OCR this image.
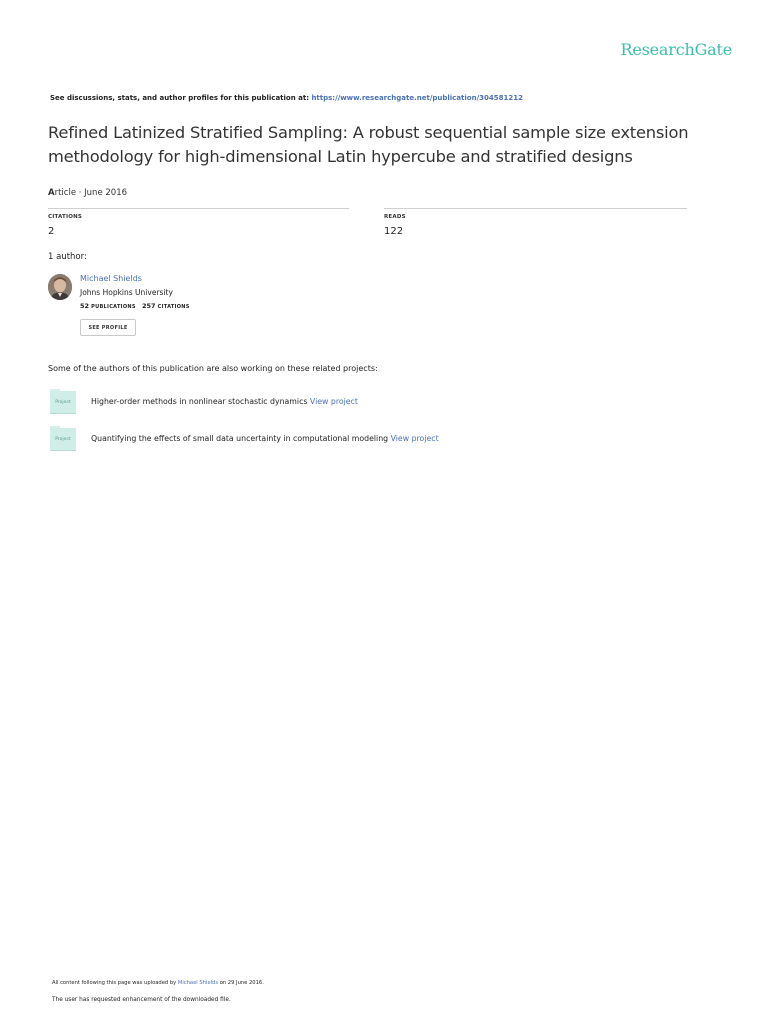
ResearchGate
See discussions, stats, and author profiles for this publication at: https://www.researchgate.net/publication/304581212
Refined Latinized Stratified Sampling: A robust sequential sample size extension methodology for high-dimensional Latin hypercube and stratified designs
Article · June 2016
CITATIONS
2
READS
122
1 author:
Michael Shields
Johns Hopkins University
52 PUBLICATIONS 257 CITATIONS
SEE PROFILE
Some of the authors of this publication are also working on these related projects:
Project	Higher-order methods in nonlinear stochastic dynamics View project
Project	Quantifying the effects of small data uncertainty in computational modeling View project
All content following this page was uploaded by Michael Shields on 29 June 2016.
The user has requested enhancement of the downloaded file.
